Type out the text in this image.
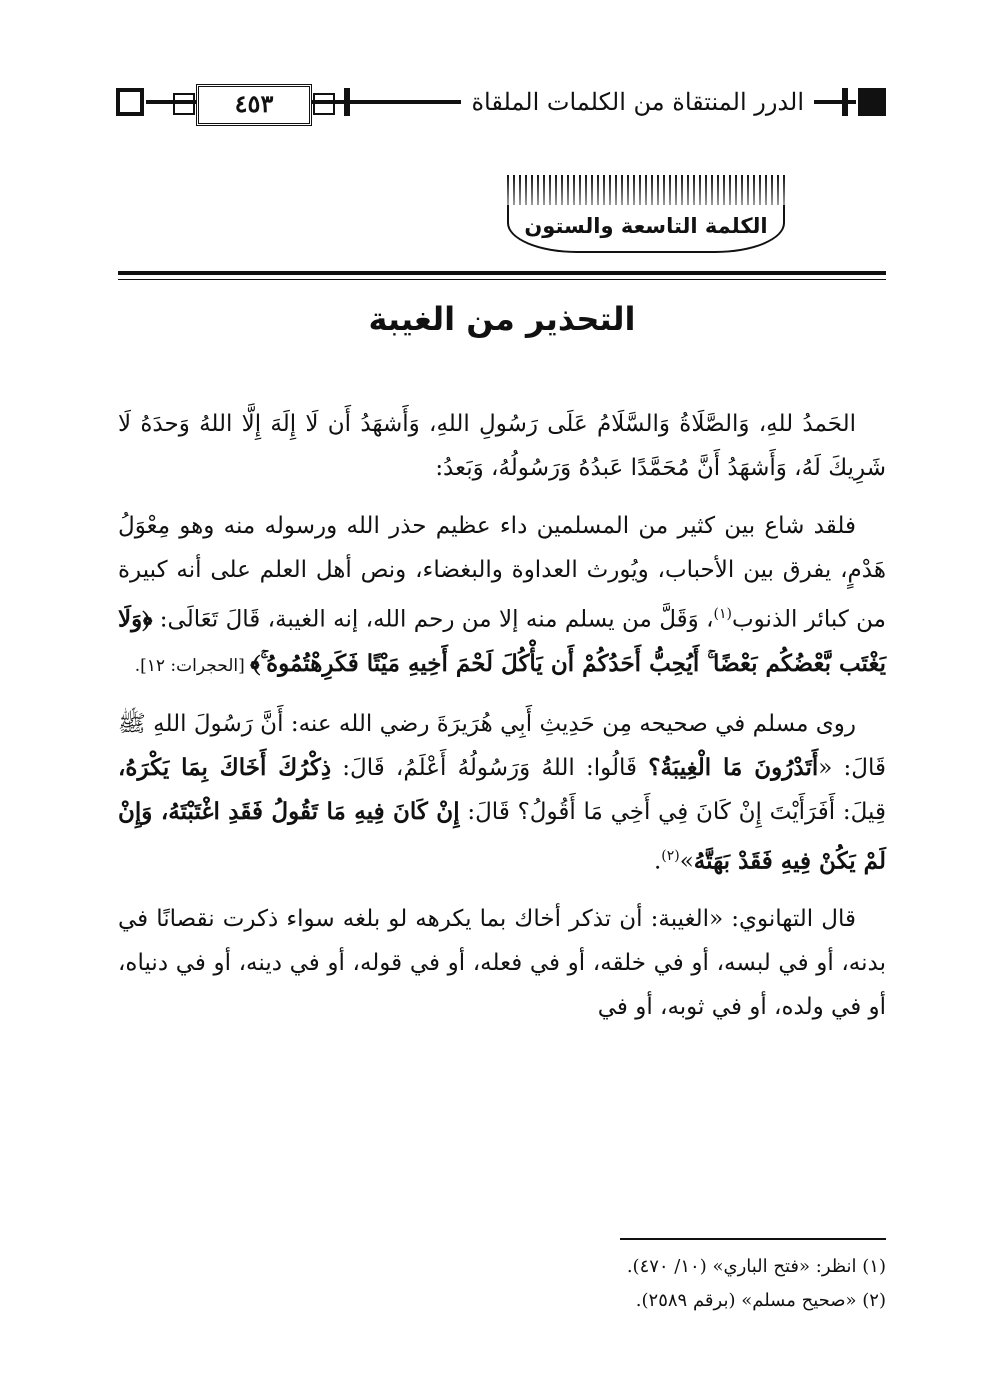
الدرر المنتقاة من الكلمات الملقاة
٤٥٣
الكلمة التاسعة والستون
التحذير من الغيبة

الحَمدُ للهِ، وَالصَّلَاةُ وَالسَّلَامُ عَلَى رَسُولِ اللهِ، وَأَشهَدُ أَن لَا إِلَهَ إِلَّا اللهُ وَحدَهُ لَا شَرِيكَ لَهُ، وَأَشهَدُ أَنَّ مُحَمَّدًا عَبدُهُ وَرَسُولُهُ، وَبَعدُ:

فلقد شاع بين كثير من المسلمين داء عظيم حذر الله ورسوله منه وهو مِعْوَلُ هَدْمٍ، يفرق بين الأحباب، ويُورث العداوة والبغضاء، ونص أهل العلم على أنه كبيرة من كبائر الذنوب$^{(١)}$، وَقَلَّ من يسلم منه إلا من رحم الله، إنه الغيبة، قَالَ تَعَالَى: ﴿وَلَا يَغْتَب بَّعْضُكُم بَعْضًا ۚ أَيُحِبُّ أَحَدُكُمْ أَن يَأْكُلَ لَحْمَ أَخِيهِ مَيْتًا فَكَرِهْتُمُوهُ ۚ﴾ [الحجرات: ١٢].

روى مسلم في صحيحه مِن حَدِيثِ أَبِي هُرَيرَةَ رضي الله عنه: أَنَّ رَسُولَ اللهِ ﷺ قَالَ: «أَتَدْرُونَ مَا الْغِيبَةُ؟ قَالُوا: اللهُ وَرَسُولُهُ أَعْلَمُ، قَالَ: ذِكْرُكَ أَخَاكَ بِمَا يَكْرَهُ، قِيلَ: أَفَرَأَيْتَ إِنْ كَانَ فِي أَخِي مَا أَقُولُ؟ قَالَ: إِنْ كَانَ فِيهِ مَا تَقُولُ فَقَدِ اغْتَبْتَهُ، وَإِنْ لَمْ يَكُنْ فِيهِ فَقَدْ بَهَتَّهُ»$^{(٢)}$.

قال التهانوي: «الغيبة: أن تذكر أخاك بما يكرهه لو بلغه سواء ذكرت نقصانًا في بدنه، أو في لبسه، أو في خلقه، أو في فعله، أو في قوله، أو في دينه، أو في دنياه، أو في ولده، أو في ثوبه، أو في

(١) انظر: «فتح الباري» (١٠/ ٤٧٠).

(٢) «صحيح مسلم» (برقم ٢٥٨٩).
